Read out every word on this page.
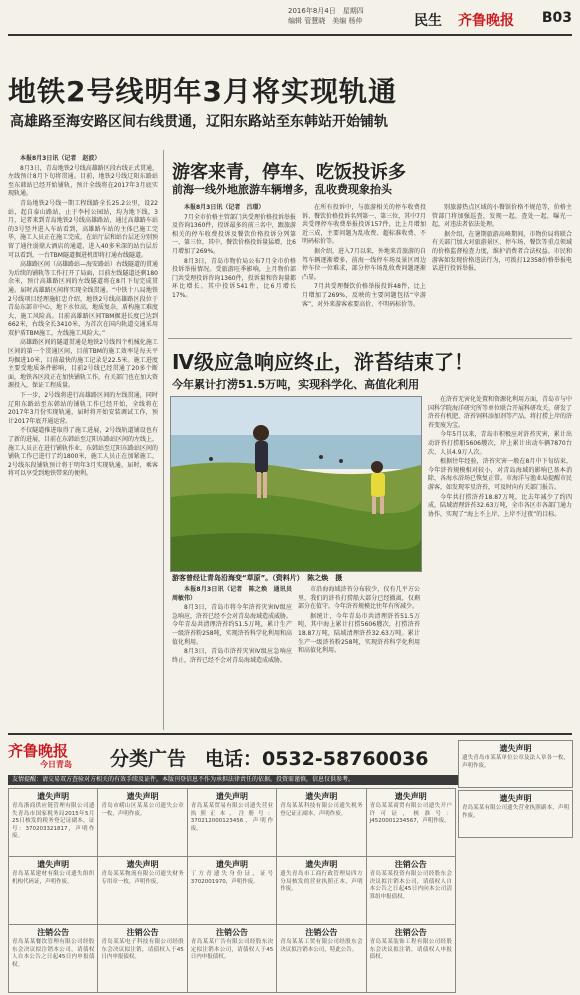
2016年8月4日　星期四
编辑 管慧晓　美编 杨仲	民生 齐鲁晚报 B03
地铁2号线明年3月将实现轨通
高雄路至海安路区间右线贯通，辽阳东路站至东韩站开始铺轨

本报8月3日讯（记者　赵波）

8月3日，青岛地铁2号线高雄路区段右线正式贯通，左线预计8月下旬将贯通。目前，地铁2号线辽阳东路站至东韩站已经开始铺轨，预计全线将在2017年3月底实现轨通。

青岛地铁2号线一期工程线路全长25.2公里，设22站，起自泰山路站，止于李村公园站，均为地下线。3月，记者来到青岛地铁2号线高雄路站，通过高雄路车站的3号竖井进入车站看到，高雄路车站的主体已施工完毕，施工人员正在施工完成，在站厅层和站台层还分别预留了通往弱鼎大酒店的通道，进入40多米深的站台层后可以看到，一台TBM隧道掘进机即将打通右线隧道。

高雄路区间（高雄路站—海安路站）右线隧道的贯通为后续的铺轨等工作打开了局面，目前左线隧道还剩180余米，预计高雄路区间的左线隧道将在8月下旬完成贯通。届时高雄路区间将实现全线贯通。“中铁十八局地铁2号线项目经理施虹忠介绍，地铁2号线高雄路区段位于青岛东部市中心，地下水位高，地质复杂，盾构施工难度大，施工风险高。目前高雄路区间TBM掘进长度已达到662米，右线全长3410米，为首次在国内轨道交通采用双护盾TBM施工，左线施工风险大。”

高雄路区间的隧道贯通是地铁2号线四个机械化施工区间的第一个贯通区间，目前TBM的施工效率是每天平均掘进10米，目前最快的施工记录是22.5米。施工进度主要受地质条件影响，目前2号线已经贯通了20多个断面，地铁各区段正在加快铺轨工作，有关部门也在加大资源投入，保证工程质量。

下一步，2号线将进行高雄路区间的左线贯通，同时辽阳东路站至东韩站的铺轨工作已经开始，全线将在2017年3月份实现轨通，届时将开始安装调试工作，预计2017年底开通运营。

不仅隧道推进取得了施工进展，2号线轨道铺设也有了新的进展，目前在东韩站至辽阳东路站区间的左线上，施工人员正在进行铺轨作业，东韩站至辽阳东路站区间的铺轨工作已进行了约1800米，施工人员正在加紧施工，2号线东段铺轨预计将于明年3月实现轨通，届时，乘客将可以享受到地铁带来的便利。

游客来青，停车、吃饭投诉多
前海一线外地旅游车辆增多，乱收费现象抬头

本报8月3日讯（记者　吕璟）

7月全市价格主管部门共受理价格投诉举报及咨询1360件，投诉最多的前三名中，跟旅游相关的停车收费投诉及餐饮价格投诉分列第一、第三位，其中，餐饮价格投诉量猛增，比6月增加了269%。

8月3日，青岛市物价局公布7月全市价格投诉举报情况。受旅游旺季影响，上月物价部门共受理投诉咨询1360件，投诉量和咨询量都环比增长。其中投诉541件，比6月增长17%。

在所有投诉中，与旅游相关的停车收费投诉、餐饮价格投诉名列第一、第三位，其中7月共受理停车收费举报投诉157件，比上月增加近三成，主要问题为乱收费、超标准收费、不明码标价等。

据介绍，进入7月以来，外地来青旅游的自驾车辆逐渐增多，前海一线停车场及景区周边停车位一位难求，部分停车场乱收费问题逐渐凸显。

7月共受理餐饮价格举报投诉48件，比上月增加了269%，反映的主要问题包括“宰游客”，对外来游客索要高价、不明码标价等。

别旅游热点区域的小餐馆价格不规范等，价格主管部门将加强巡查，发现一起，查处一起，曝光一起，对违法者依法处理。

据介绍，在暑期旅游高峰期间，市物价局将联合有关部门加大对旅游景区、停车场、餐饮等重点领域的价格监督检查力度，维护消费者合法权益。市民和游客如发现价格违法行为，可拨打12358价格举报电话进行投诉举报。

Ⅳ级应急响应终止，浒苔结束了！
今年累计打涝51.5万吨，实现科学化、高值化利用
游客曾经让青岛沿海变“草原”。（资料片）　陈之焕　摄

本报8月3日讯（记者　陈之焕　通讯员　周敏伟）

8月3日，青岛市将今年浒苔灾害Ⅳ级应急响应，浒苔已经不会对青岛海域造成威胁。今年青岛共清理浒苔约51.5万吨，累计生产一级浒苔粉258吨，实现浒苔科学化利用和高值化利用。

8月3日，青岛市浒苔灾害Ⅳ级应急响应终止，浒苔已经不会对青岛海域造成威胁。

市沿海海域浒苔分布较少，仅有几平方公里，我们的浒苔打捞船大部分已经撤离，仅剩部分在值守。今年浒苔规模比往年有所减少。

据统计，今年青岛市共清理浒苔51.5万吨，其中海上累计打捞5606艘次，打捞浒苔18.87万吨，陆域清理浒苔32.63万吨。累计生产一级浒苔粉258吨，实现浒苔科学化利用和高值化利用。

在浒苔无害化处置和资源化利用方面，青岛市与中国科学院海洋研究所等单位联合开展科研攻关，研发了浒苔有机肥、浒苔饲料添加剂等产品，将打捞上岸的浒苔变废为宝。

今年5月以来，青岛市积极应对浒苔灾害，累计出动浒苔打捞船5606艘次，岸上累计出动车辆7870台次、人员4.9万人次。

根据往年经验，浒苔灾害一般在8月中下旬结束，今年浒苔规模相对较小，对青岛海域的影响已基本消除，各海水浴场已恢复正常。市海洋与渔业局提醒市民游客，如发现零星浒苔，可及时向有关部门报告。

今年共打捞浒苔18.87万吨，比去年减少了约四成，陆域清理浒苔32.63万吨，全市各区市各部门通力协作，实现了“海上不上岸、上岸不过夜”的目标。

齐鲁晚报
今日青岛 分类广告　电话：0532-58760036
友情提醒：请交易双方查验对方相关的有效手续及证件，本版刊登信息不作为承担法律责任的依据。投资需谨慎，信息仅供参考。
遗失声明
青岛浙商供应链管理有限公司遗失青岛市国家税务局2015年5月25日核发的税务登记证副本，证号：370203321817，声明作废。
遗失声明
青岛市崂山区某某公司遗失公章一枚，声明作废。
遗失声明
青岛某某贸易有限公司遗失营业执照正本，注册号：370212000123456，声明作废。
遗失声明
青岛某某科技有限公司遗失税务登记证正副本，声明作废。
遗失声明
青岛某某商贸有限公司遗失开户许可证，核准号：J4520001234567，声明作废。
遗失声明
青岛某某建材有限公司遗失组织机构代码证，声明作废。
遗失声明
青岛某某物流有限公司遗失财务专用章一枚，声明作废。
遗失声明
丁方青遗失身份证，证号3702001970，声明作废。
遗失声明
遗失青岛市工商行政管理局四方分局核发的营业执照正本，声明作废。
注销公告
青岛某某投资有限公司经股东会决议拟注销本公司，请债权人自本公告之日起45日内向本公司清算组申报债权。
注销公告
青岛某某餐饮管理有限公司经股东会决议拟注销本公司，请债权人自本公告之日起45日内申报债权。
注销公告
青岛某某电子科技有限公司经股东会决议拟注销，请债权人于45日内申报债权。
注销公告
青岛某某广告有限公司经股东决定拟注销本公司，请债权人于45日内申报债权。
注销公告
青岛某某工贸有限公司经股东会决议拟注销本公司，特此公告。
注销公告
青岛某某装饰工程有限公司经股东会决议拟注销，请债权人申报债权。
遗失声明
遗失青岛市某某单位公章及法人章各一枚，声明作废。
遗失声明
青岛某某有限公司遗失营业执照副本，声明作废。
